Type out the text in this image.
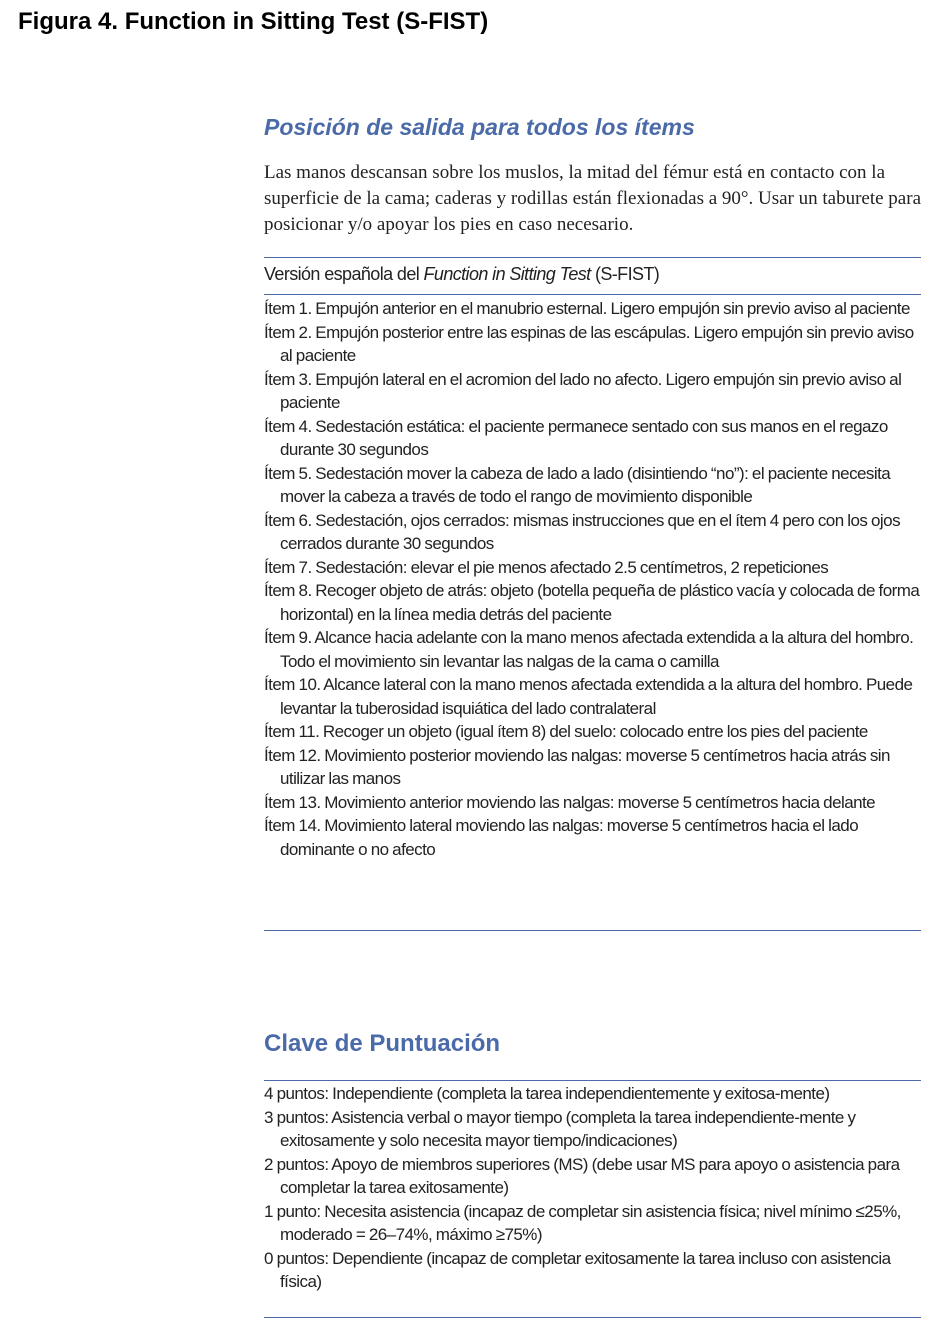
Figura 4. Function in Sitting Test (S-FIST)
Posición de salida para todos los ítems
Las manos descansan sobre los muslos, la mitad del fémur está en contacto con la superficie de la cama; caderas y rodillas están flexionadas a 90°. Usar un taburete para posicionar y/o apoyar los pies en caso necesario.
Versión española del Function in Sitting Test (S-FIST)
Ítem 1. Empujón anterior en el manubrio esternal. Ligero empujón sin previo aviso al paciente
Ítem 2. Empujón posterior entre las espinas de las escápulas. Ligero empujón sin previo aviso al paciente
Ítem 3. Empujón lateral en el acromion del lado no afecto. Ligero empujón sin previo aviso al paciente
Ítem 4. Sedestación estática: el paciente permanece sentado con sus manos en el regazo durante 30 segundos
Ítem 5. Sedestación mover la cabeza de lado a lado (disintiendo “no”): el paciente necesita mover la cabeza a través de todo el rango de movimiento disponible
Ítem 6. Sedestación, ojos cerrados: mismas instrucciones que en el ítem 4 pero con los ojos cerrados durante 30 segundos
Ítem 7. Sedestación: elevar el pie menos afectado 2.5 centímetros, 2 repeticiones
Ítem 8. Recoger objeto de atrás: objeto (botella pequeña de plástico vacía y colocada de forma horizontal) en la línea media detrás del paciente
Ítem 9. Alcance hacia adelante con la mano menos afectada extendida a la altura del hombro. Todo el movimiento sin levantar las nalgas de la cama o camilla
Ítem 10. Alcance lateral con la mano menos afectada extendida a la altura del hombro. Puede levantar la tuberosidad isquiática del lado contralateral
Ítem 11. Recoger un objeto (igual ítem 8) del suelo: colocado entre los pies del paciente
Ítem 12. Movimiento posterior moviendo las nalgas: moverse 5 centímetros hacia atrás sin utilizar las manos
Ítem 13. Movimiento anterior moviendo las nalgas: moverse 5 centímetros hacia delante
Ítem 14. Movimiento lateral moviendo las nalgas: moverse 5 centímetros hacia el lado dominante o no afecto
Clave de Puntuación
4 puntos: Independiente (completa la tarea independientemente y exitosa-mente)
3 puntos: Asistencia verbal o mayor tiempo (completa la tarea independiente-mente y exitosamente y solo necesita mayor tiempo/indicaciones)
2 puntos: Apoyo de miembros superiores (MS) (debe usar MS para apoyo o asistencia para completar la tarea exitosamente)
1 punto: Necesita asistencia (incapaz de completar sin asistencia física; nivel mínimo ≤25%, moderado = 26–74%, máximo ≥75%)
0 puntos: Dependiente (incapaz de completar exitosamente la tarea incluso con asistencia física)
